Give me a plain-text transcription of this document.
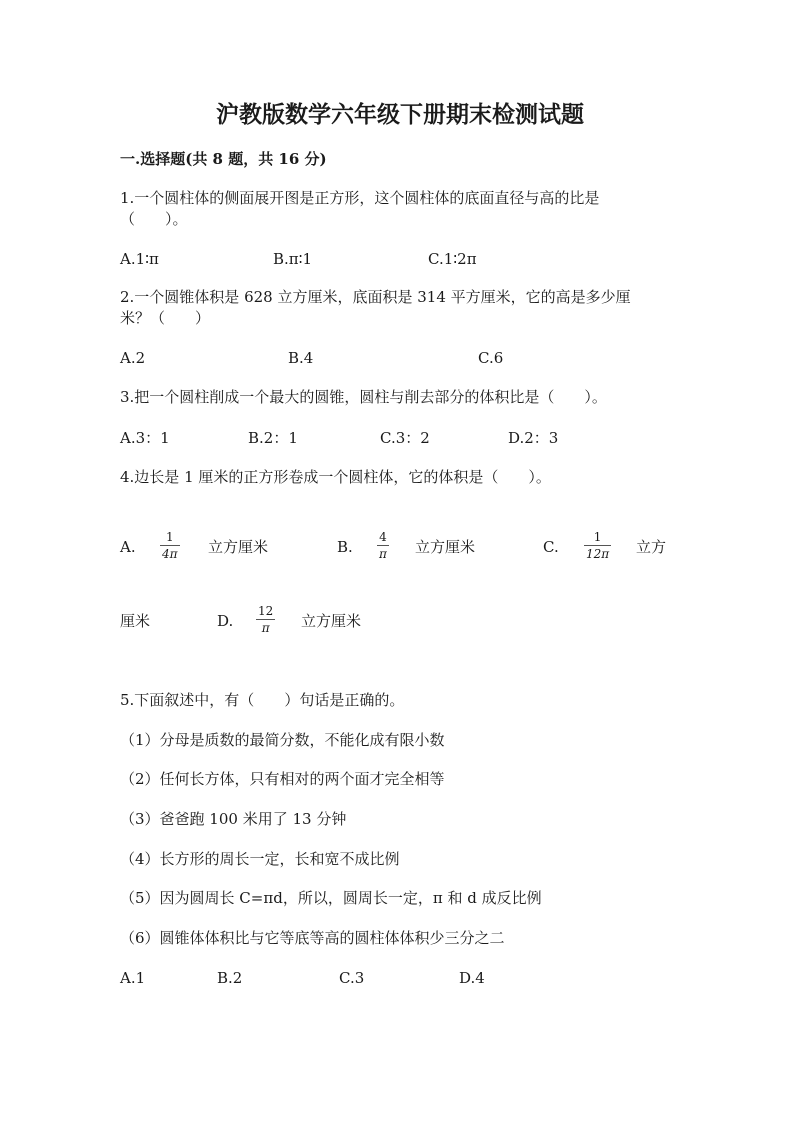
沪教版数学六年级下册期末检测试题
一.选择题(共 8 题，共 16 分)
1.一个圆柱体的侧面展开图是正方形，这个圆柱体的底面直径与高的比是
（　　）。
A.1∶π	B.π∶1	C.1∶2π
2.一个圆锥体积是 628 立方厘米，底面积是 314 平方厘米，它的高是多少厘
米？（　　）
A.2	B.4	C.6
3.把一个圆柱削成一个最大的圆锥，圆柱与削去部分的体积比是（　　）。
A.3：1	B.2：1	C.3：2	D.2：3
4.边长是 1 厘米的正方形卷成一个圆柱体，它的体积是（　　）。
A.
1
4π 立方厘米	B.
4
π 立方厘米	C.
1
12π 立方
厘米	D.
12
π 立方厘米
5.下面叙述中，有（　　）句话是正确的。
（1）分母是质数的最简分数，不能化成有限小数
（2）任何长方体，只有相对的两个面才完全相等
（3）爸爸跑 100 米用了 13 分钟
（4）长方形的周长一定，长和宽不成比例
（5）因为圆周长 C=πd，所以，圆周长一定，π 和 d 成反比例
（6）圆锥体体积比与它等底等高的圆柱体体积少三分之二
A.1	B.2	C.3	D.4
